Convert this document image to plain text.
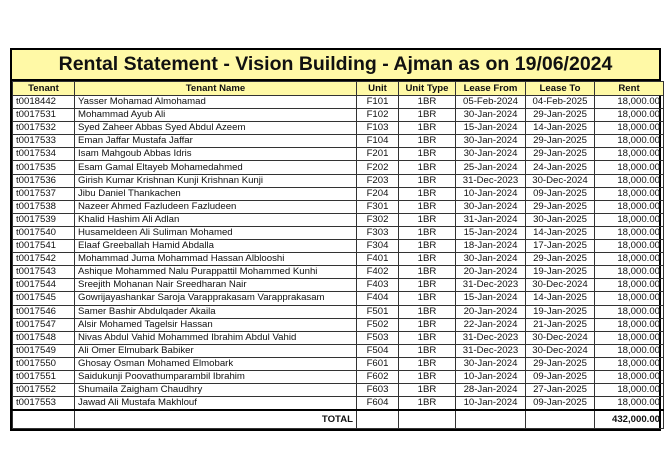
Rental Statement - Vision Building - Ajman as on 19/06/2024
Tenant	Tenant Name	Unit	Unit Type	Lease From	Lease To	Rent
t0018442	Yasser Mohamad Almohamad	F101	1BR	05-Feb-2024	04-Feb-2025	18,000.00
t0017531	Mohammad Ayub Ali	F102	1BR	30-Jan-2024	29-Jan-2025	18,000.00
t0017532	Syed Zaheer Abbas Syed Abdul Azeem	F103	1BR	15-Jan-2024	14-Jan-2025	18,000.00
t0017533	Eman Jaffar Mustafa Jaffar	F104	1BR	30-Jan-2024	29-Jan-2025	18,000.00
t0017534	Isam Mahgoub Abbas Idris	F201	1BR	30-Jan-2024	29-Jan-2025	18,000.00
t0017535	Esam Gamal Eltayeb Mohamedahmed	F202	1BR	25-Jan-2024	24-Jan-2025	18,000.00
t0017536	Girish Kumar Krishnan Kunji Krishnan Kunji	F203	1BR	31-Dec-2023	30-Dec-2024	18,000.00
t0017537	Jibu Daniel Thankachen	F204	1BR	10-Jan-2024	09-Jan-2025	18,000.00
t0017538	Nazeer Ahmed Fazludeen Fazludeen	F301	1BR	30-Jan-2024	29-Jan-2025	18,000.00
t0017539	Khalid Hashim Ali Adlan	F302	1BR	31-Jan-2024	30-Jan-2025	18,000.00
t0017540	Husameldeen Ali Suliman Mohamed	F303	1BR	15-Jan-2024	14-Jan-2025	18,000.00
t0017541	Elaaf Greeballah Hamid Abdalla	F304	1BR	18-Jan-2024	17-Jan-2025	18,000.00
t0017542	Mohammad Juma Mohammad Hassan Alblooshi	F401	1BR	30-Jan-2024	29-Jan-2025	18,000.00
t0017543	Ashique Mohammed Nalu Purappattil Mohammed Kunhi	F402	1BR	20-Jan-2024	19-Jan-2025	18,000.00
t0017544	Sreejith Mohanan Nair Sreedharan Nair	F403	1BR	31-Dec-2023	30-Dec-2024	18,000.00
t0017545	Gowrijayashankar Saroja Varapprakasam Varapprakasam	F404	1BR	15-Jan-2024	14-Jan-2025	18,000.00
t0017546	Samer Bashir Abdulqader Akaila	F501	1BR	20-Jan-2024	19-Jan-2025	18,000.00
t0017547	Alsir Mohamed Tagelsir Hassan	F502	1BR	22-Jan-2024	21-Jan-2025	18,000.00
t0017548	Nivas Abdul Vahid Mohammed Ibrahim Abdul Vahid	F503	1BR	31-Dec-2023	30-Dec-2024	18,000.00
t0017549	Ali Omer Elmubark Babiker	F504	1BR	31-Dec-2023	30-Dec-2024	18,000.00
t0017550	Ghosay Osman Mohamed Elmobark	F601	1BR	30-Jan-2024	29-Jan-2025	18,000.00
t0017551	Saidukunji Poovathumparambil Ibrahim	F602	1BR	10-Jan-2024	09-Jan-2025	18,000.00
t0017552	Shumaila Zaigham Chaudhry	F603	1BR	28-Jan-2024	27-Jan-2025	18,000.00
t0017553	Jawad Ali Mustafa Makhlouf	F604	1BR	10-Jan-2024	09-Jan-2025	18,000.00
	TOTAL					432,000.00
